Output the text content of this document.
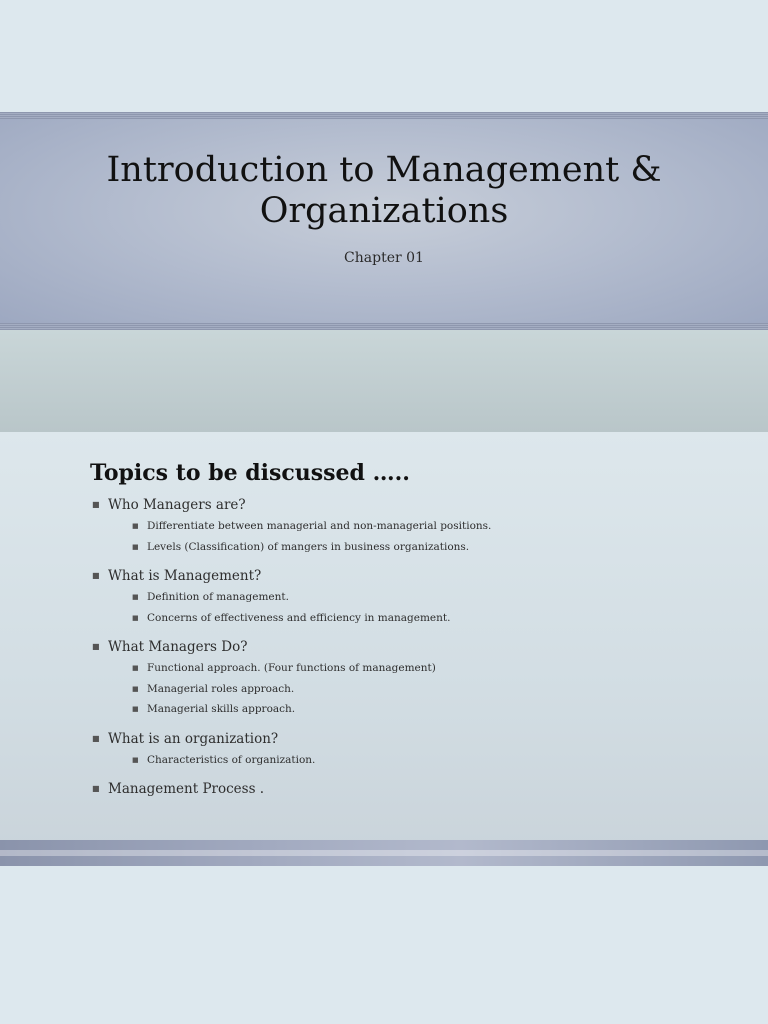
Introduction to Management &
Organizations
Chapter 01
Topics to be discussed …..
■ Who Managers are?
■ Differentiate between managerial and non-managerial positions.
■ Levels (Classification) of mangers in business organizations.
■ What is Management?
■ Definition of management.
■ Concerns of effectiveness and efficiency in management.
■ What Managers Do?
■ Functional approach. (Four functions of management)
■ Managerial roles approach.
■ Managerial skills approach.
■ What is an organization?
■ Characteristics of organization.
■ Management Process .
